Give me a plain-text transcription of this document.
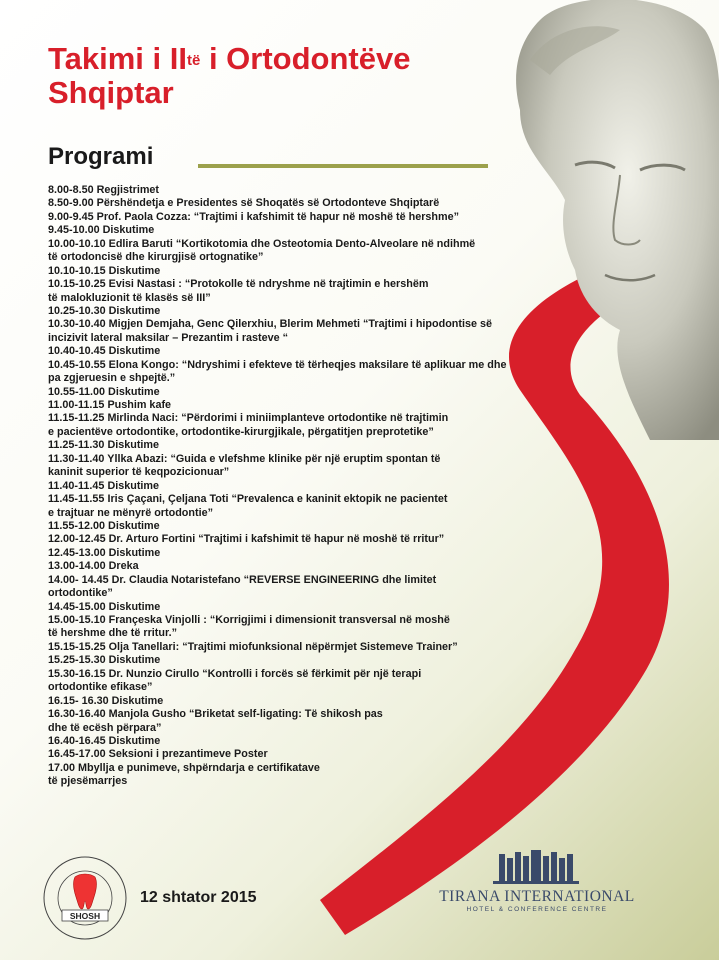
Takimi i $II^{të}$ i Ortodontëve
Shqiptar
Programi
8.00-8.50 Regjistrimet
8.50-9.00 Përshëndetja e Presidentes së Shoqatës së Ortodonteve Shqiptarë
9.00-9.45 Prof. Paola Cozza: “Trajtimi i kafshimit të hapur në moshë të hershme”
9.45-10.00 Diskutime
10.00-10.10 Edlira Baruti “Kortikotomia dhe Osteotomia Dento-Alveolare në ndihmë
të ortodoncisë dhe kirurgjisë ortognatike”
10.10-10.15 Diskutime
10.15-10.25 Evisi Nastasi : “Protokolle të ndryshme në trajtimin e hershëm
të malokluzionit të klasës së III”
10.25-10.30 Diskutime
10.30-10.40 Migjen Demjaha, Genc Qilerxhiu, Blerim Mehmeti “Trajtimi i hipodontise së
incizivit lateral maksilar – Prezantim i rasteve “
10.40-10.45 Diskutime
10.45-10.55 Elona Kongo: “Ndryshimi i efekteve të tërheqjes maksilare të aplikuar me dhe
pa zgjeruesin e shpejtë.”
10.55-11.00 Diskutime
11.00-11.15 Pushim kafe
11.15-11.25 Mirlinda Naci: “Përdorimi i miniimplanteve ortodontike në trajtimin
e pacientëve ortodontike, ortodontike-kirurgjikale, përgatitjen preprotetike”
11.25-11.30 Diskutime
11.30-11.40 Yllka Abazi: “Guida e vlefshme klinike për një eruptim spontan të
kaninit superior të keqpozicionuar”
11.40-11.45 Diskutime
11.45-11.55 Iris Çaçani, Çeljana Toti “Prevalenca e kaninit ektopik ne pacientet
e trajtuar ne mënyrë ortodontie”
11.55-12.00 Diskutime
12.00-12.45 Dr. Arturo Fortini “Trajtimi i kafshimit të hapur në moshë të rritur”
12.45-13.00 Diskutime
13.00-14.00 Dreka
14.00- 14.45 Dr. Claudia Notaristefano “REVERSE ENGINEERING dhe limitet
ortodontike”
14.45-15.00 Diskutime
15.00-15.10 Françeska Vinjolli : “Korrigjimi i dimensionit transversal në moshë
të hershme dhe të rritur.”
15.15-15.25 Olja Tanellari: “Trajtimi miofunksional nëpërmjet Sistemeve Trainer”
15.25-15.30 Diskutime
15.30-16.15 Dr. Nunzio Cirullo “Kontrolli i forcës së fërkimit për një terapi
ortodontike efikase”
16.15- 16.30 Diskutime
16.30-16.40 Manjola Gusho “Briketat self-ligating: Të shikosh pas
dhe të ecësh përpara”
16.40-16.45 Diskutime
16.45-17.00 Seksioni i prezantimeve Poster
17.00 Mbyllja e punimeve, shpërndarja e certifikatave
të pjesëmarrjes
SHOSH
12 shtator 2015	TIRANA INTERNATIONAL
HOTEL & CONFERENCE CENTRE
